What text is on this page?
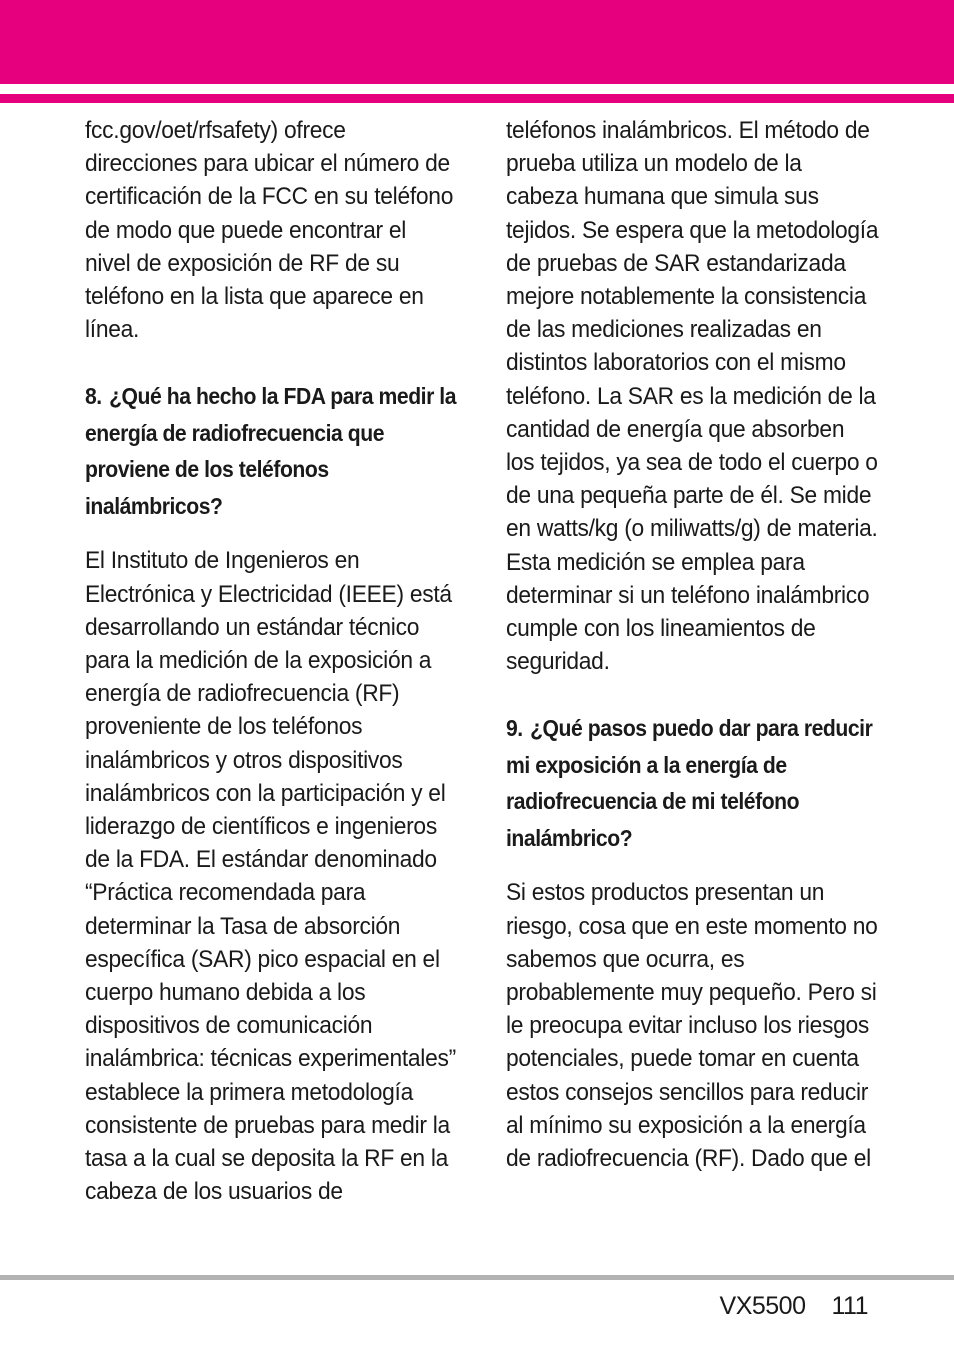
fcc.gov/oet/rfsafety) ofrece direcciones para ubicar el número de certificación de la FCC en su teléfono de modo que puede encontrar el nivel de exposición de RF de su teléfono en la lista que aparece en línea.

8. ¿Qué ha hecho la FDA para medir la energía de radiofrecuencia que proviene de los teléfonos inalámbricos?

El Instituto de Ingenieros en Electrónica y Electricidad (IEEE) está desarrollando un estándar técnico para la medición de la exposición a energía de radiofrecuencia (RF) proveniente de los teléfonos inalámbricos y otros dispositivos inalámbricos con la participación y el liderazgo de científicos e ingenieros de la FDA. El estándar denominado “Práctica recomendada para determinar la Tasa de absorción específica (SAR) pico espacial en el cuerpo humano debida a los dispositivos de comunicación inalámbrica: técnicas experimentales” establece la primera metodología consistente de pruebas para medir la tasa a la cual se deposita la RF en la cabeza de los usuarios de

teléfonos inalámbricos. El método de prueba utiliza un modelo de la cabeza humana que simula sus tejidos. Se espera que la metodología de pruebas de SAR estandarizada mejore notablemente la consistencia de las mediciones realizadas en distintos laboratorios con el mismo teléfono. La SAR es la medición de la cantidad de energía que absorben los tejidos, ya sea de todo el cuerpo o de una pequeña parte de él. Se mide en watts/kg (o miliwatts/g) de materia. Esta medición se emplea para determinar si un teléfono inalámbrico cumple con los lineamientos de seguridad.

9. ¿Qué pasos puedo dar para reducir mi exposición a la energía de radiofrecuencia de mi teléfono inalámbrico?

Si estos productos presentan un riesgo, cosa que en este momento no sabemos que ocurra, es probablemente muy pequeño. Pero si le preocupa evitar incluso los riesgos potenciales, puede tomar en cuenta estos consejos sencillos para reducir al mínimo su exposición a la energía de radiofrecuencia (RF). Dado que el

VX5500 111
